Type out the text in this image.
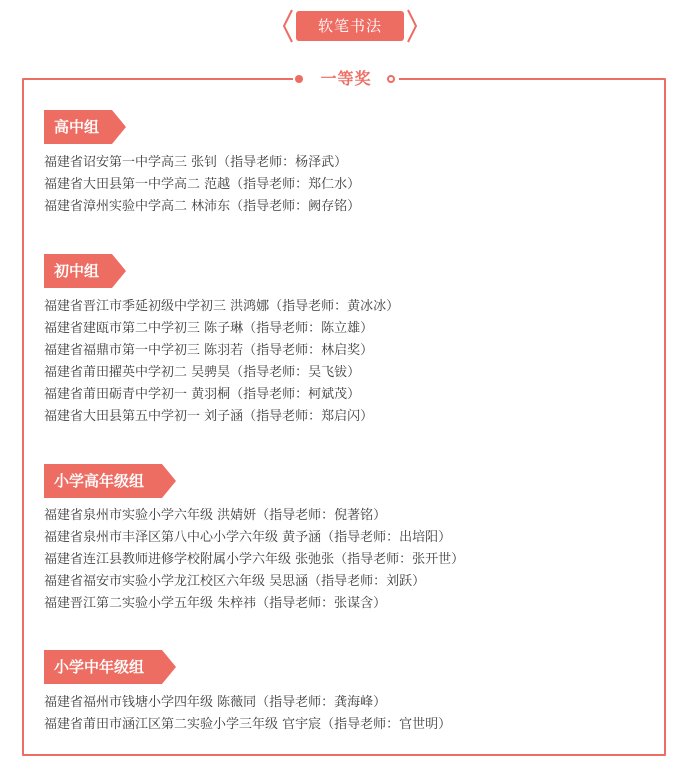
软笔书法
一等奖
高中组
福建省诏安第一中学高三 张钊（指导老师：杨泽武）
福建省大田县第一中学高二 范越（指导老师：郑仁水）
福建省漳州实验中学高二 林沛东（指导老师：阙存铭）
初中组
福建省晋江市季延初级中学初三 洪鸿娜（指导老师：黄冰冰）
福建省建瓯市第二中学初三 陈子琳（指导老师：陈立雄）
福建省福鼎市第一中学初三 陈羽若（指导老师：林启奖）
福建省莆田擢英中学初二 吴骋昊（指导老师：吴飞钹）
福建省莆田砺青中学初一 黄羽桐（指导老师：柯斌茂）
福建省大田县第五中学初一 刘子涵（指导老师：郑启闪）
小学高年级组
福建省泉州市实验小学六年级 洪婧妍（指导老师：倪著铭）
福建省泉州市丰泽区第八中心小学六年级 黄予涵（指导老师：出培阳）
福建省连江县教师进修学校附属小学六年级 张弛张（指导老师：张开世）
福建省福安市实验小学龙江校区六年级 吴思涵（指导老师：刘跃）
福建晋江第二实验小学五年级 朱梓祎（指导老师：张谋含）
小学中年级组
福建省福州市钱塘小学四年级 陈薇同（指导老师：龚海峰）
福建省莆田市涵江区第二实验小学三年级 官宇宸（指导老师：官世明）
